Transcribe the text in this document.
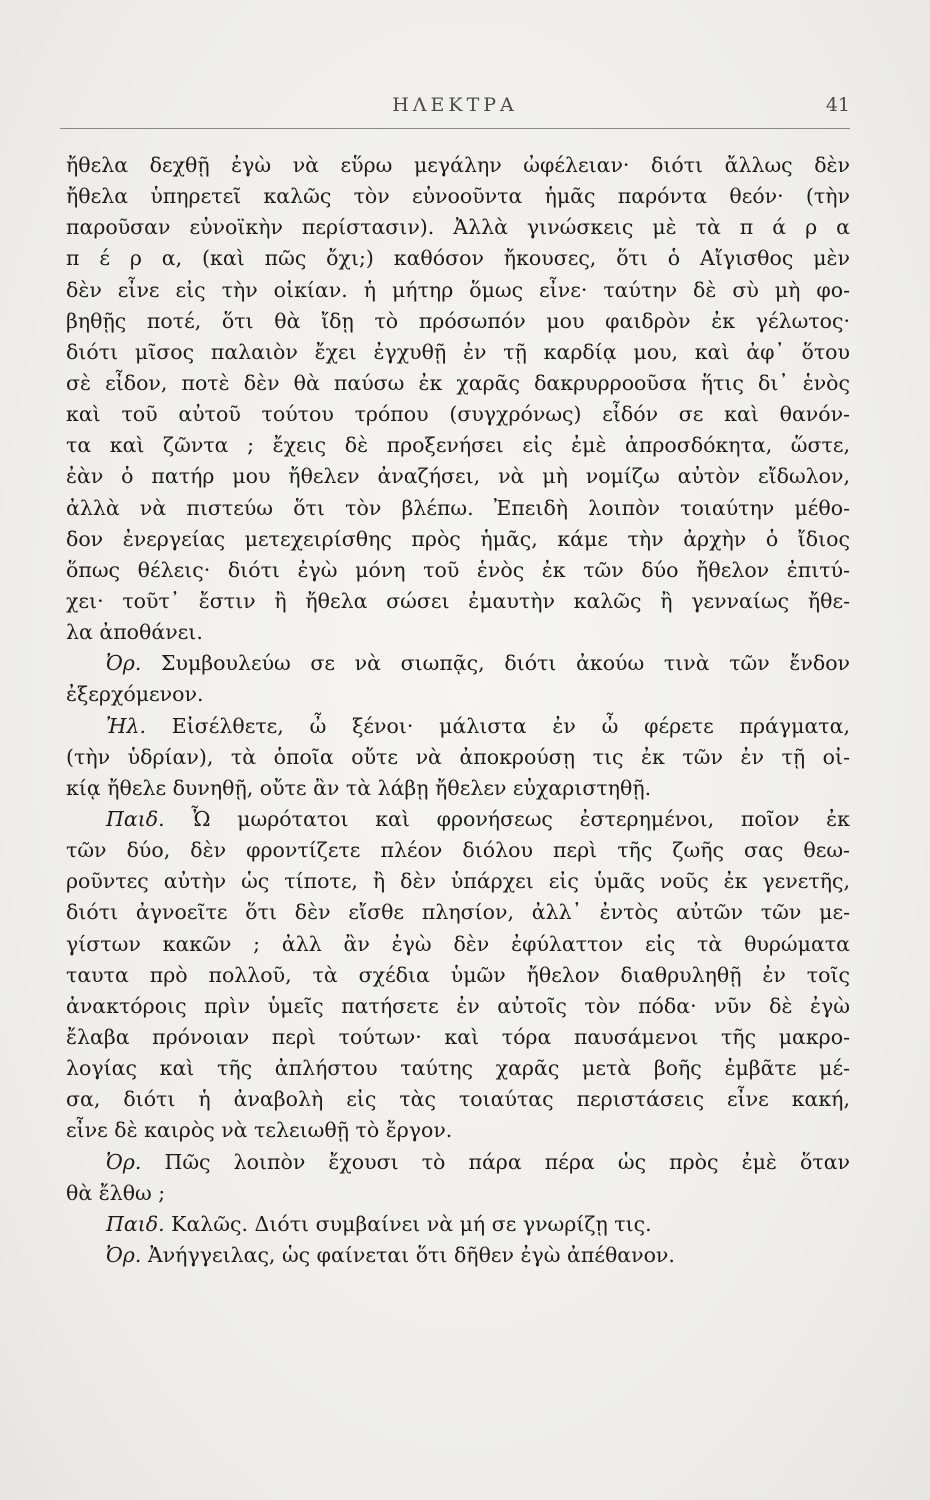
ΗΛΕΚΤΡΑ	41
ἤθελα δεχθῇ ἐγὼ νὰ εὕρω μεγάλην ὠφέλειαν· διότι ἄλλως δὲν
ἤθελα ὑπηρετεῖ καλῶς τὸν εὐνοοῦντα ἡμᾶς παρόντα θεόν· (τὴν
παροῦσαν εὐνοϊκὴν περίστασιν). Ἀλλὰ γινώσκεις μὲ τὰ π ά ρ α
π έ ρ α, (καὶ πῶς ὄχι;) καθόσον ἤκουσες, ὅτι ὁ Αἴγισθος μὲν
δὲν εἶνε εἰς τὴν οἰκίαν. ἡ μήτηρ ὅμως εἶνε· ταύτην δὲ σὺ μὴ φο-
βηθῇς ποτέ, ὅτι θὰ ἴδῃ τὸ πρόσωπόν μου φαιδρὸν ἐκ γέλωτος·
διότι μῖσος παλαιὸν ἔχει ἐγχυθῇ ἐν τῇ καρδίᾳ μου, καὶ ἀφ᾽ ὅτου
σὲ εἶδον, ποτὲ δὲν θὰ παύσω ἐκ χαρᾶς δακρυρροοῦσα ἥτις δι᾽ ἑνὸς
καὶ τοῦ αὐτοῦ τούτου τρόπου (συγχρόνως) εἶδόν σε καὶ θανόν-
τα καὶ ζῶντα ; ἔχεις δὲ προξενήσει εἰς ἐμὲ ἀπροσδόκητα, ὥστε,
ἐὰν ὁ πατήρ μου ἤθελεν ἀναζήσει, νὰ μὴ νομίζω αὐτὸν εἴδωλον,
ἀλλὰ νὰ πιστεύω ὅτι τὸν βλέπω. Ἐπειδὴ λοιπὸν τοιαύτην μέθο-
δον ἐνεργείας μετεχειρίσθης πρὸς ἡμᾶς, κάμε τὴν ἀρχὴν ὁ ἴδιος
ὅπως θέλεις· διότι ἐγὼ μόνη τοῦ ἑνὸς ἐκ τῶν δύο ἤθελον ἐπιτύ-
χει· τοῦτ᾽ ἔστιν ἢ ἤθελα σώσει ἐμαυτὴν καλῶς ἢ γενναίως ἤθε-
λα ἀποθάνει.
Ὀρ. Συμβουλεύω σε νὰ σιωπᾷς, διότι ἀκούω τινὰ τῶν ἔνδον
ἐξερχόμενον.
Ἠλ. Εἰσέλθετε, ὦ ξένοι· μάλιστα ἐν ὦ φέρετε πράγματα,
(τὴν ὑδρίαν), τὰ ὁποῖα οὔτε νὰ ἀποκρούσῃ τις ἐκ τῶν ἐν τῇ οἰ-
κίᾳ ἤθελε δυνηθῇ, οὔτε ἂν τὰ λάβῃ ἤθελεν εὐχαριστηθῇ.
Παιδ. Ὦ μωρότατοι καὶ φρονήσεως ἐστερημένοι, ποῖον ἐκ
τῶν δύο, δὲν φροντίζετε πλέον διόλου περὶ τῆς ζωῆς σας θεω-
ροῦντες αὐτὴν ὡς τίποτε, ἢ δὲν ὑπάρχει εἰς ὑμᾶς νοῦς ἐκ γενετῆς,
διότι ἀγνοεῖτε ὅτι δὲν εἴσθε πλησίον, ἀλλ᾽ ἐντὸς αὐτῶν τῶν με-
γίστων κακῶν ; ἀλλ ἂν ἐγὼ δὲν ἐφύλαττον εἰς τὰ θυρώματα
ταυτα πρὸ πολλοῦ, τὰ σχέδια ὑμῶν ἤθελον διαθρυληθῇ ἐν τοῖς
ἀνακτόροις πρὶν ὑμεῖς πατήσετε ἐν αὐτοῖς τὸν πόδα· νῦν δὲ ἐγὼ
ἔλαβα πρόνοιαν περὶ τούτων· καὶ τόρα παυσάμενοι τῆς μακρο-
λογίας καὶ τῆς ἀπλήστου ταύτης χαρᾶς μετὰ βοῆς ἐμβᾶτε μέ-
σα, διότι ἡ ἀναβολὴ εἰς τὰς τοιαύτας περιστάσεις εἶνε κακή,
εἶνε δὲ καιρὸς νὰ τελειωθῇ τὸ ἔργον.
Ὀρ. Πῶς λοιπὸν ἔχουσι τὸ πάρα πέρα ὡς πρὸς ἐμὲ ὅταν
θὰ ἔλθω ;
Παιδ. Καλῶς. Διότι συμβαίνει νὰ μή σε γνωρίζῃ τις.
Ὀρ. Ἀνήγγειλας, ὡς φαίνεται ὅτι δῆθεν ἐγὼ ἀπέθανον.
